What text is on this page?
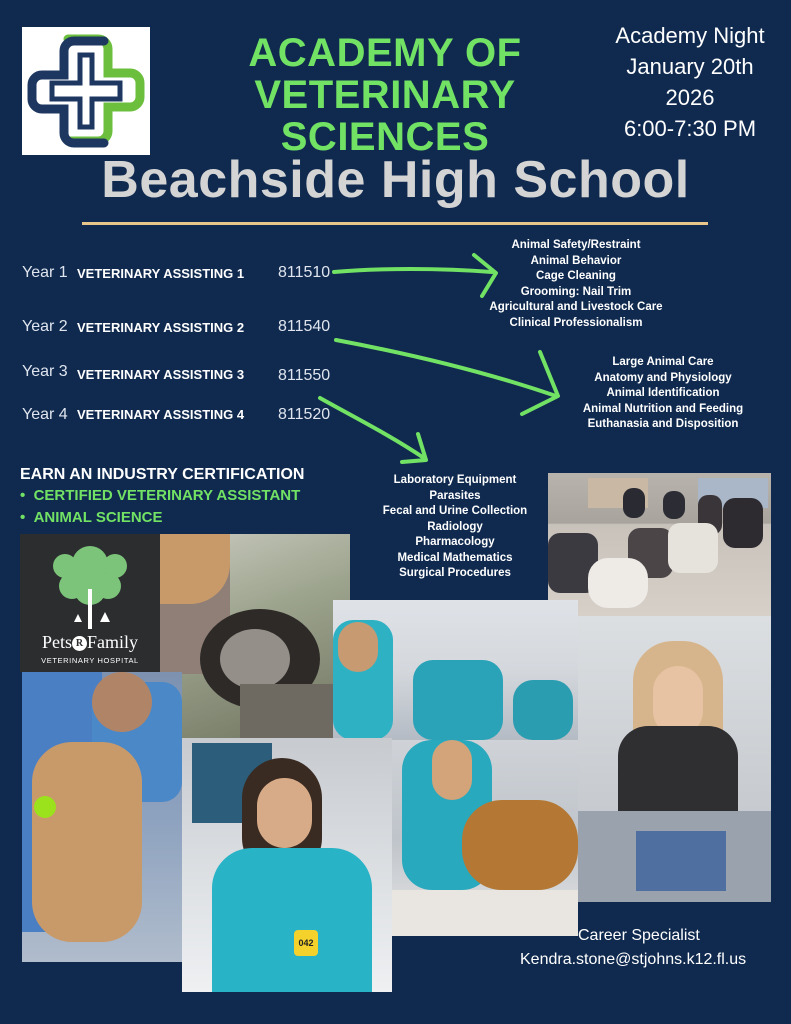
ACADEMY OF
VETERINARY SCIENCES
Academy Night
January 20th
2026
6:00-7:30 PM
Beachside High School
Year 1 VETERINARY ASSISTING 1 811510
Year 2 VETERINARY ASSISTING 2 811540
Year 3 VETERINARY ASSISTING 3 811550
Year 4 VETERINARY ASSISTING 4 811520
Animal Safety/Restraint
Animal Behavior
Cage Cleaning
Grooming: Nail Trim
Agricultural and Livestock Care
Clinical Professionalism
Large Animal Care
Anatomy and Physiology
Animal Identification
Animal Nutrition and Feeding
Euthanasia and Disposition
Laboratory Equipment
Parasites
Fecal and Urine Collection
Radiology
Pharmacology
Medical Mathematics
Surgical Procedures
EARN AN INDUSTRY CERTIFICATION
•  CERTIFIED VETERINARY ASSISTANT
•  ANIMAL SCIENCE
Pets R Family
VETERINARY HOSPITAL
042	Career Specialist
Kendra.stone@stjohns.k12.fl.us
